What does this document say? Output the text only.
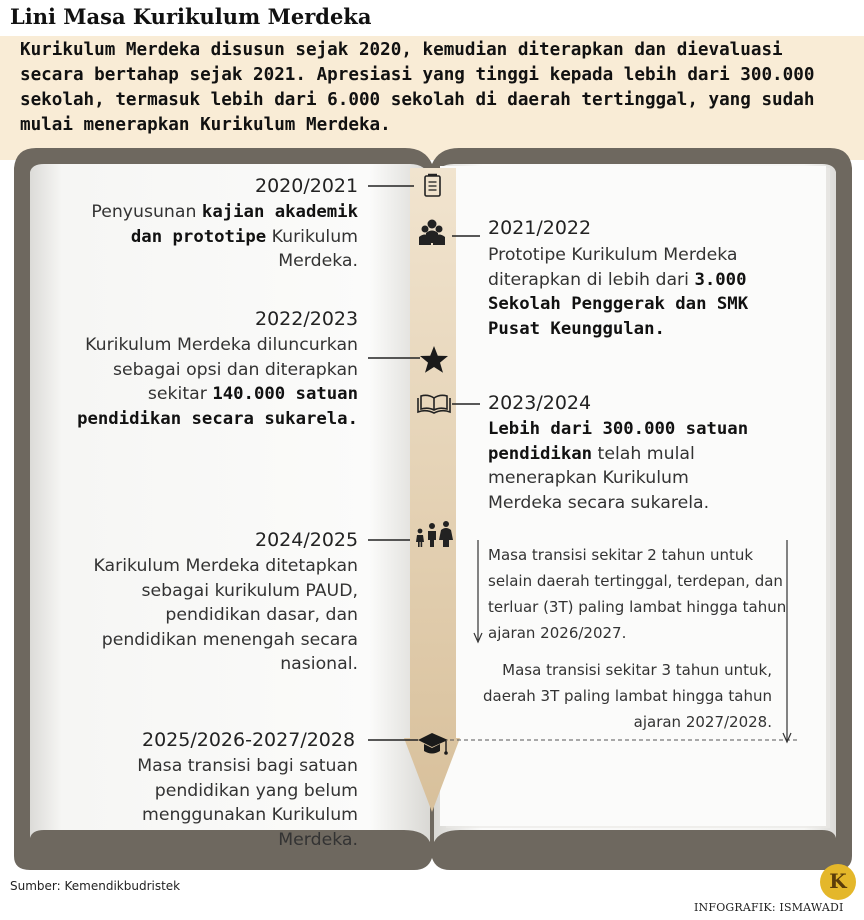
Lini Masa Kurikulum Merdeka
Kurikulum Merdeka disusun sejak 2020, kemudian diterapkan dan dievaluasi secara bertahap sejak 2021. Apresiasi yang tinggi kepada lebih dari 300.000 sekolah, termasuk lebih dari 6.000 sekolah di daerah tertinggal, yang sudah mulai menerapkan Kurikulum Merdeka.
2020/2021
Penyusunan kajian akademik dan prototipe Kurikulum Merdeka.
2021/2022
Prototipe Kurikulum Merdeka diterapkan di lebih dari 3.000 Sekolah Penggerak dan SMK Pusat Keunggulan.
2022/2023
Kurikulum Merdeka diluncurkan sebagai opsi dan diterapkan sekitar 140.000 satuan pendidikan secara sukarela.
2023/2024
Lebih dari 300.000 satuan pendidikan telah mulal menerapkan Kurikulum Merdeka secara sukarela.
2024/2025
Karikulum Merdeka ditetapkan sebagai kurikulum PAUD, pendidikan dasar, dan pendidikan menengah secara nasional.
2025/2026-2027/2028
Masa transisi bagi satuan pendidikan yang belum menggunakan Kurikulum Merdeka.
Masa transisi sekitar 2 tahun untuk selain daerah tertinggal, terdepan, dan terluar (3T) paling lambat hingga tahun ajaran 2026/2027.
Masa transisi sekitar 3 tahun untuk, daerah 3T paling lambat hingga tahun ajaran 2027/2028.
Sumber: Kemendikbudristek
INFOGRAFIK: ISMAWADI
K
